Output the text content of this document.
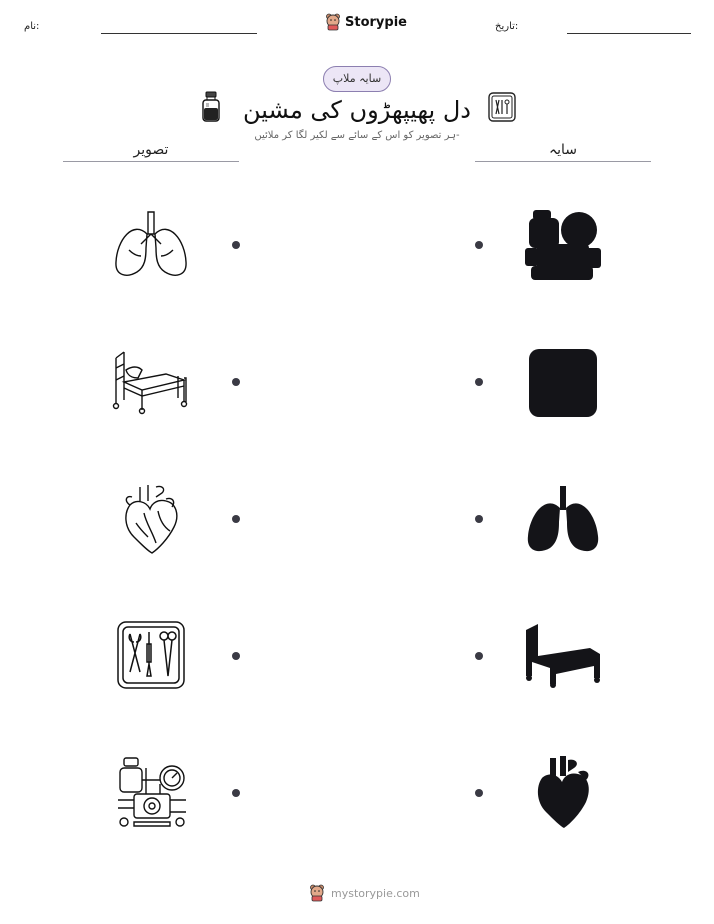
نام:	Storypie	تاریخ:
سایہ ملاپ
دل پھیپھڑوں کی مشین
ہر تصویر کو اس کے سائے سے لکیر لگا کر ملائیں-
تصویر	سایہ
mystorypie.com
